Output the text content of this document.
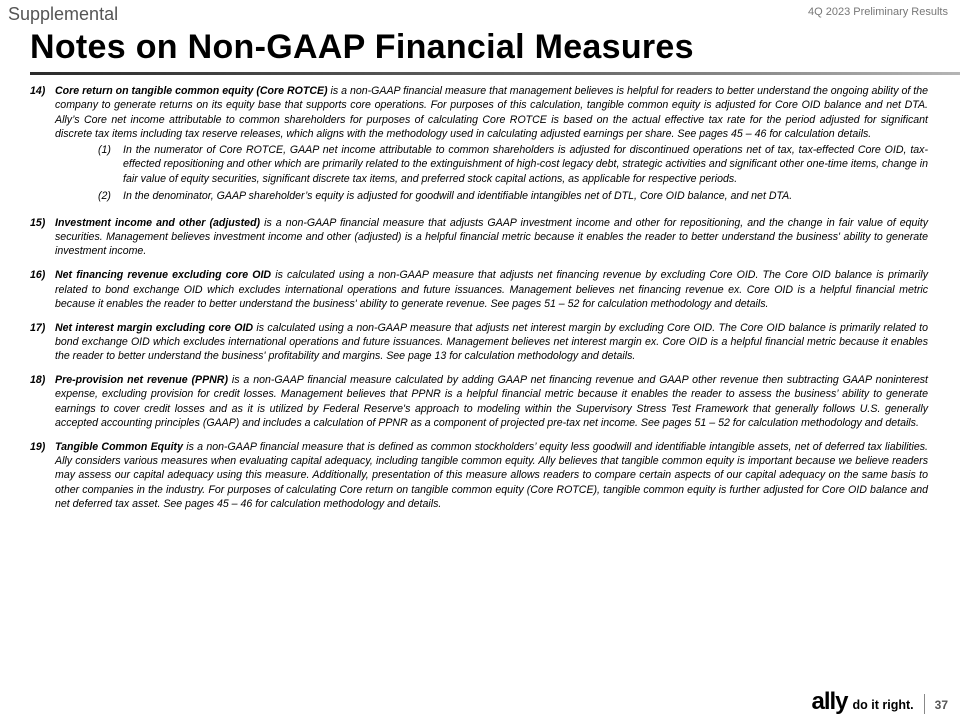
Supplemental	4Q 2023 Preliminary Results
Notes on Non-GAAP Financial Measures
14) Core return on tangible common equity (Core ROTCE) is a non-GAAP financial measure that management believes is helpful for readers to better understand the ongoing ability of the company to generate returns on its equity base that supports core operations. For purposes of this calculation, tangible common equity is adjusted for Core OID balance and net DTA. Ally’s Core net income attributable to common shareholders for purposes of calculating Core ROTCE is based on the actual effective tax rate for the period adjusted for significant discrete tax items including tax reserve releases, which aligns with the methodology used in calculating adjusted earnings per share. See pages 45 – 46 for calculation details.
(1)	In the numerator of Core ROTCE, GAAP net income attributable to common shareholders is adjusted for discontinued operations net of tax, tax-effected Core OID, tax-effected repositioning and other which are primarily related to the extinguishment of high-cost legacy debt, strategic activities and significant other one-time items, change in fair value of equity securities, significant discrete tax items, and preferred stock capital actions, as applicable for respective periods.
(2)	In the denominator, GAAP shareholder’s equity is adjusted for goodwill and identifiable intangibles net of DTL, Core OID balance, and net DTA.
15) Investment income and other (adjusted) is a non-GAAP financial measure that adjusts GAAP investment income and other for repositioning, and the change in fair value of equity securities. Management believes investment income and other (adjusted) is a helpful financial metric because it enables the reader to better understand the business' ability to generate investment income.
16) Net financing revenue excluding core OID is calculated using a non-GAAP measure that adjusts net financing revenue by excluding Core OID. The Core OID balance is primarily related to bond exchange OID which excludes international operations and future issuances. Management believes net financing revenue ex. Core OID is a helpful financial metric because it enables the reader to better understand the business' ability to generate revenue. See pages 51 – 52 for calculation methodology and details.
17) Net interest margin excluding core OID is calculated using a non-GAAP measure that adjusts net interest margin by excluding Core OID. The Core OID balance is primarily related to bond exchange OID which excludes international operations and future issuances. Management believes net interest margin ex. Core OID is a helpful financial metric because it enables the reader to better understand the business' profitability and margins. See page 13 for calculation methodology and details.
18) Pre-provision net revenue (PPNR) is a non-GAAP financial measure calculated by adding GAAP net financing revenue and GAAP other revenue then subtracting GAAP noninterest expense, excluding provision for credit losses. Management believes that PPNR is a helpful financial metric because it enables the reader to assess the business’ ability to generate earnings to cover credit losses and as it is utilized by Federal Reserve's approach to modeling within the Supervisory Stress Test Framework that generally follows U.S. generally accepted accounting principles (GAAP) and includes a calculation of PPNR as a component of projected pre-tax net income. See pages 51 – 52 for calculation methodology and details.
19) Tangible Common Equity is a non-GAAP financial measure that is defined as common stockholders’ equity less goodwill and identifiable intangible assets, net of deferred tax liabilities. Ally considers various measures when evaluating capital adequacy, including tangible common equity. Ally believes that tangible common equity is important because we believe readers may assess our capital adequacy using this measure. Additionally, presentation of this measure allows readers to compare certain aspects of our capital adequacy on the same basis to other companies in the industry. For purposes of calculating Core return on tangible common equity (Core ROTCE), tangible common equity is further adjusted for Core OID balance and net deferred tax asset. See pages 45 – 46 for calculation methodology and details.
ally do it right. 37
